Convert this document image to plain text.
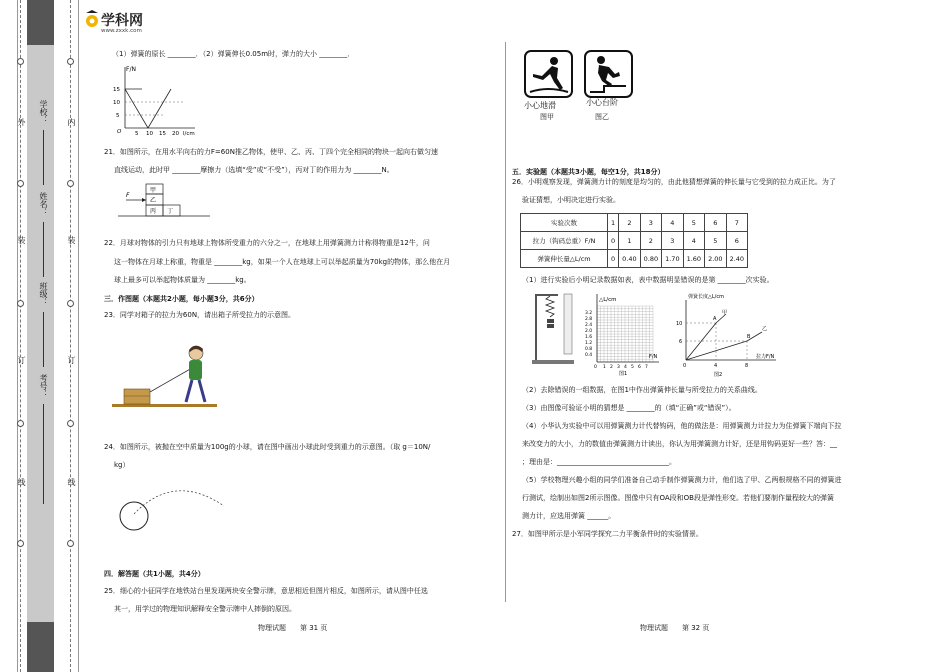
外
装
订
线
内
装
订
线
学校：
姓名：
班级：
考号：
学科网
www.zxxk.com
（1）弹簧的原长 ________．（2）弹簧伸长0.05m时，弹力的大小 ________．
F/N
15
10
5
O 5 10 15 20 l/cm
21．如图所示，在用水平向右的力F=60N推乙物体，使甲、乙、丙、丁四个完全相同的物块一起向右做匀速
直线运动，此时甲 ________摩擦力（选填“受”或“不受”），丙对丁的作用力为 ________N。
F
甲
乙
丙 丁
22．月球对物体的引力只有地球上物体所受重力的六分之一，在地球上用弹簧测力计称得物重是12牛，问
这一物体在月球上称重，物重是 ________kg，如果一个人在地球上可以举起质量为70kg的物体，那么他在月
球上最多可以举起物体质量为 ________kg。
三．作图题（本题共2小题，每小题3分，共6分）
23．同学对箱子的拉力为60N，请出箱子所受拉力的示意图。
24．如图所示，被抛在空中质量为100g的小球，请在图中画出小球此时受到重力的示意图。（取 g＝10N/
kg）
四．解答题（共1小题，共4分）
25．细心的小征同学在地铁站台里发现两块安全警示牌，意思相近但图片相反，如图所示，请从图中任选
其一，用学过的物理知识解释安全警示牌中人摔倒的原因。
物理试题　　第 31 页
小心地滑
图甲
小心台阶
图乙
五．实验题（本题共3小题，每空1分，共18分）
26．小明观察发现，弹簧测力计的刻度是均匀的，由此他猜想弹簧的伸长量与它受到的拉力成正比。为了
验证猜想，小明决定进行实验。
实验次数	1	2	3	4	5	6	7
拉力（钩码总重）F/N	0	1	2	3	4	5	6
弹簧伸长量△L/cm	0	0.40	0.80	1.70	1.60	2.00	2.40
（1）进行实验后小明记录数据如表，表中数据明显错误的是第 ________次实验。
△L/cm
F/N
3.2
2.8
2.4
2.0
1.6
1.2
0.8
0.4
0 1 2 3 4 5 6 7
图1
弹簧长度△L/cm
拉力F/N
10
6
0	4	8
A
B
甲
乙
图2
（2）去除错误的一组数据，在图1中作出弹簧伸长量与所受拉力的关系曲线。
（3）由图像可验证小明的猜想是 ________的（填“正确”或“错误”）。
（4）小华认为实验中可以用弹簧测力计代替钩码，他的做法是：用弹簧测力计拉力为住弹簧下端向下拉
来改变力的大小，力的数值由弹簧测力计读出，你认为用弹簧测力计好，还是用钩码更好一些？答：__
；理由是：________________________________。
（5）学校物理兴趣小组的同学们准备自己动手制作弹簧测力计，他们选了甲、乙两根规格不同的弹簧进
行测试，绘制出如图2所示图像。图像中只有OA段和OB段是弹性形变。若他们要制作量程较大的弹簧
测力计，应选用弹簧 ______。
27．如图甲所示是小军同学探究二力平衡条件时的实验情景。
物理试题　　第 32 页
